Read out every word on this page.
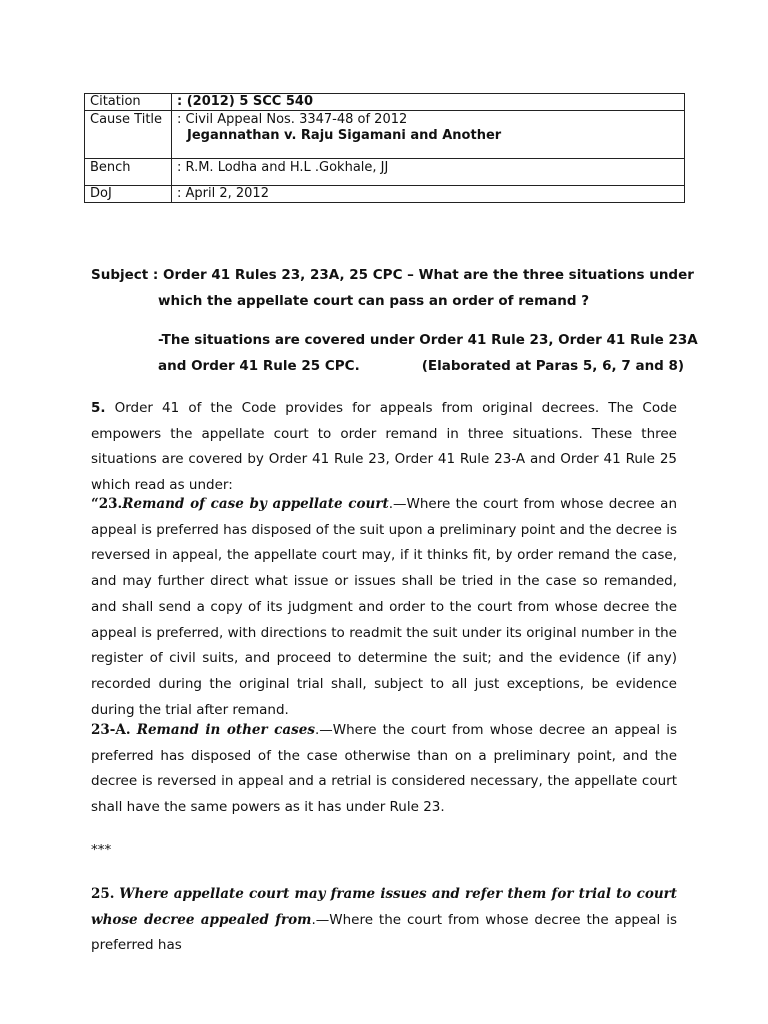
Citation	: (2012) 5 SCC 540
Cause Title	: Civil Appeal Nos. 3347-48 of 2012
Jegannathan v. Raju Sigamani and Another

Bench	: R.M. Lodha and H.L .Gokhale, JJ
DoJ	: April 2, 2012
Subject : Order 41 Rules 23, 23A, 25 CPC – What are the three situations under
which the appellate court can pass an order of remand ?
-The situations are covered under Order 41 Rule 23, Order 41 Rule 23A
and Order 41 Rule 25 CPC.	(Elaborated at Paras 5, 6, 7 and 8)
5. Order 41 of the Code provides for appeals from original decrees. The Code empowers the appellate court to order remand in three situations. These three situations are covered by Order 41 Rule 23, Order 41 Rule 23-A and Order 41 Rule 25 which read as under:
“23.Remand of case by appellate court.—Where the court from whose decree an appeal is preferred has disposed of the suit upon a preliminary point and the decree is reversed in appeal, the appellate court may, if it thinks fit, by order remand the case, and may further direct what issue or issues shall be tried in the case so remanded, and shall send a copy of its judgment and order to the court from whose decree the appeal is preferred, with directions to readmit the suit under its original number in the register of civil suits, and proceed to determine the suit; and the evidence (if any) recorded during the original trial shall, subject to all just exceptions, be evidence during the trial after remand.
23-A. Remand in other cases.—Where the court from whose decree an appeal is preferred has disposed of the case otherwise than on a preliminary point, and the decree is reversed in appeal and a retrial is considered necessary, the appellate court shall have the same powers as it has under Rule 23.
***
25. Where appellate court may frame issues and refer them for trial to court whose decree appealed from.—Where the court from whose decree the appeal is preferred has
